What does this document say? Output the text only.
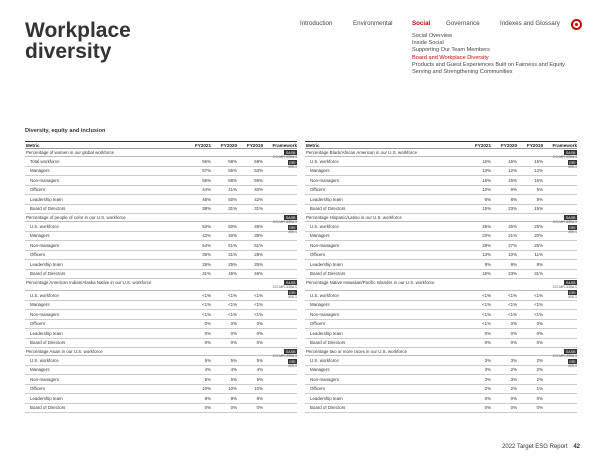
Workplace
diversity
Introduction	Environmental	Social	Governance	Indexes and Glossary
Social Overview
Inside Social
Supporting Our Team Members
Board and Workplace Diversity
Products and Guest Experiences Built on Fairness and Equity
Serving and Strengthening Communities
Diversity, equity and inclusion
Metric	FY2021	FY2020	FY2019	Framework
Percentage of women in our global workforce	SASB
CG-MR-330a.1
GRI
405-1
Total workforce	56%	58%	58%
Managers	57%	56%	53%
Non-managers	56%	58%	59%
Officers	44%	41%	40%
Leadership team	46%	50%	42%
Board of Directors	38%	31%	31%
Percentage of people of color in our U.S. workforce	SASB
CG-MR-330a.1
GRI
405-1
U.S. workforce	53%	50%	49%
Managers	43%	40%	39%
Non-managers	54%	51%	51%
Officers	35%	31%	28%
Leadership team	25%	25%	25%
Board of Directors	31%	46%	46%
Percentage American Indian/Alaska Native in our U.S. workforce	SASB
CG-MR-330a.1
GRI
405-1
U.S. workforce	<1%	<1%	<1%
Managers	<1%	<1%	<1%
Non-managers	<1%	<1%	<1%
Officers	0%	0%	0%
Leadership team	0%	0%	0%
Board of Directors	0%	0%	0%
Percentage Asian in our U.S. workforce	SASB
CG-MR-330a.1
GRI
405-1
U.S. workforce	5%	5%	5%
Managers	4%	4%	4%
Non-managers	5%	5%	5%
Officers	10%	10%	10%
Leadership team	8%	8%	8%
Board of Directors	0%	0%	0%
Metric	FY2021	FY2020	FY2019	Framework
Percentage Black/African American in our U.S. workforce	SASB
CG-MR-330a.1
GRI
405-1
U.S. workforce	16%	15%	15%
Managers	13%	12%	12%
Non-managers	16%	15%	16%
Officers	10%	9%	5%
Leadership team	8%	8%	8%
Board of Directors	15%	23%	15%
Percentage Hispanic/Latino in our U.S. workforce	SASB
CG-MR-330a.1
GRI
405-1
U.S. workforce	26%	26%	25%
Managers	23%	21%	20%
Non-managers	28%	27%	25%
Officers	13%	10%	11%
Leadership team	8%	8%	8%
Board of Directors	15%	23%	31%
Percentage Native Hawaiian/Pacific Islander in our U.S. workforce	SASB
CG-MR-330a.1
GRI
405-1
U.S. workforce	<1%	<1%	<1%
Managers	<1%	<1%	<1%
Non-managers	<1%	<1%	<1%
Officers	<1%	0%	0%
Leadership team	0%	0%	0%
Board of Directors	0%	0%	0%
Percentage two or more races in our U.S. workforce	SASB
CG-MR-330a.1
GRI
405-1
U.S. workforce	3%	3%	2%
Managers	3%	2%	2%
Non-managers	3%	3%	2%
Officers	2%	2%	1%
Leadership team	0%	0%	0%
Board of Directors	0%	0%	0%
2022 Target ESG Report 42
